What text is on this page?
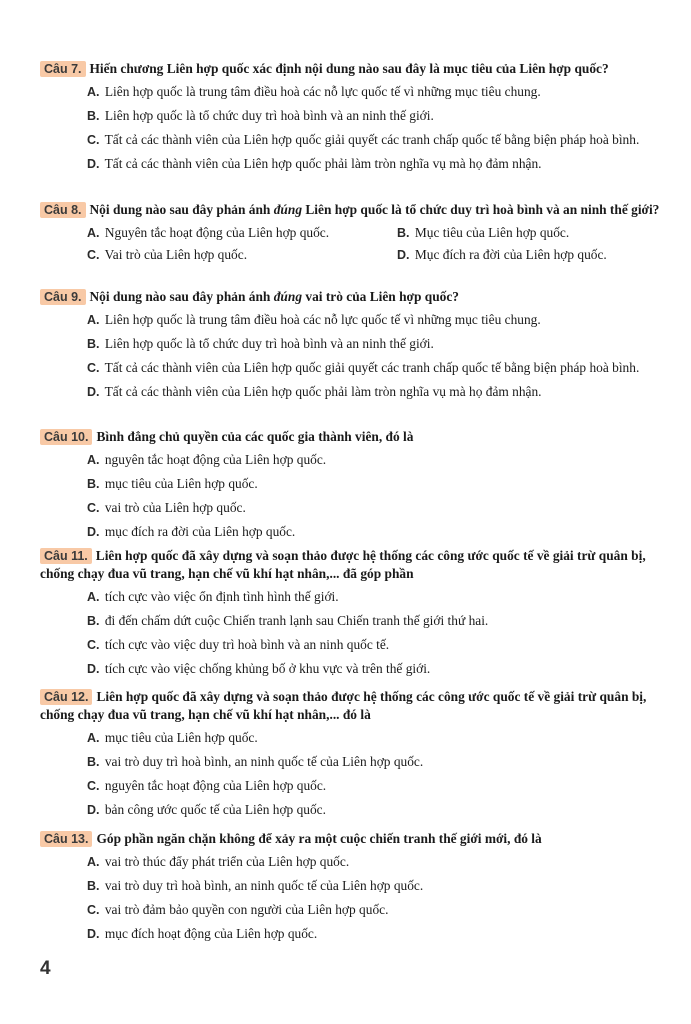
Câu 7. Hiến chương Liên hợp quốc xác định nội dung nào sau đây là mục tiêu của Liên hợp quốc?

A. Liên hợp quốc là trung tâm điều hoà các nỗ lực quốc tế vì những mục tiêu chung.

B. Liên hợp quốc là tổ chức duy trì hoà bình và an ninh thế giới.

C. Tất cả các thành viên của Liên hợp quốc giải quyết các tranh chấp quốc tế bằng biện pháp hoà bình.

D. Tất cả các thành viên của Liên hợp quốc phải làm tròn nghĩa vụ mà họ đảm nhận.

Câu 8. Nội dung nào sau đây phản ánh đúng Liên hợp quốc là tổ chức duy trì hoà bình và an ninh thế giới?

A. Nguyên tắc hoạt động của Liên hợp quốc.	B. Mục tiêu của Liên hợp quốc.

C. Vai trò của Liên hợp quốc.	D. Mục đích ra đời của Liên hợp quốc.

Câu 9. Nội dung nào sau đây phản ánh đúng vai trò của Liên hợp quốc?

A. Liên hợp quốc là trung tâm điều hoà các nỗ lực quốc tế vì những mục tiêu chung.

B. Liên hợp quốc là tổ chức duy trì hoà bình và an ninh thế giới.

C. Tất cả các thành viên của Liên hợp quốc giải quyết các tranh chấp quốc tế bằng biện pháp hoà bình.

D. Tất cả các thành viên của Liên hợp quốc phải làm tròn nghĩa vụ mà họ đảm nhận.

Câu 10. Bình đẳng chủ quyền của các quốc gia thành viên, đó là

A. nguyên tắc hoạt động của Liên hợp quốc.

B. mục tiêu của Liên hợp quốc.

C. vai trò của Liên hợp quốc.

D. mục đích ra đời của Liên hợp quốc.

Câu 11. Liên hợp quốc đã xây dựng và soạn thảo được hệ thống các công ước quốc tế về giải trừ quân bị, chống chạy đua vũ trang, hạn chế vũ khí hạt nhân,... đã góp phần

A. tích cực vào việc ổn định tình hình thế giới.

B. đi đến chấm dứt cuộc Chiến tranh lạnh sau Chiến tranh thế giới thứ hai.

C. tích cực vào việc duy trì hoà bình và an ninh quốc tế.

D. tích cực vào việc chống khủng bố ở khu vực và trên thế giới.

Câu 12. Liên hợp quốc đã xây dựng và soạn thảo được hệ thống các công ước quốc tế về giải trừ quân bị, chống chạy đua vũ trang, hạn chế vũ khí hạt nhân,... đó là

A. mục tiêu của Liên hợp quốc.

B. vai trò duy trì hoà bình, an ninh quốc tế của Liên hợp quốc.

C. nguyên tắc hoạt động của Liên hợp quốc.

D. bản công ước quốc tế của Liên hợp quốc.

Câu 13. Góp phần ngăn chặn không để xảy ra một cuộc chiến tranh thế giới mới, đó là

A. vai trò thúc đẩy phát triển của Liên hợp quốc.

B. vai trò duy trì hoà bình, an ninh quốc tế của Liên hợp quốc.

C. vai trò đảm bảo quyền con người của Liên hợp quốc.

D. mục đích hoạt động của Liên hợp quốc.

4
